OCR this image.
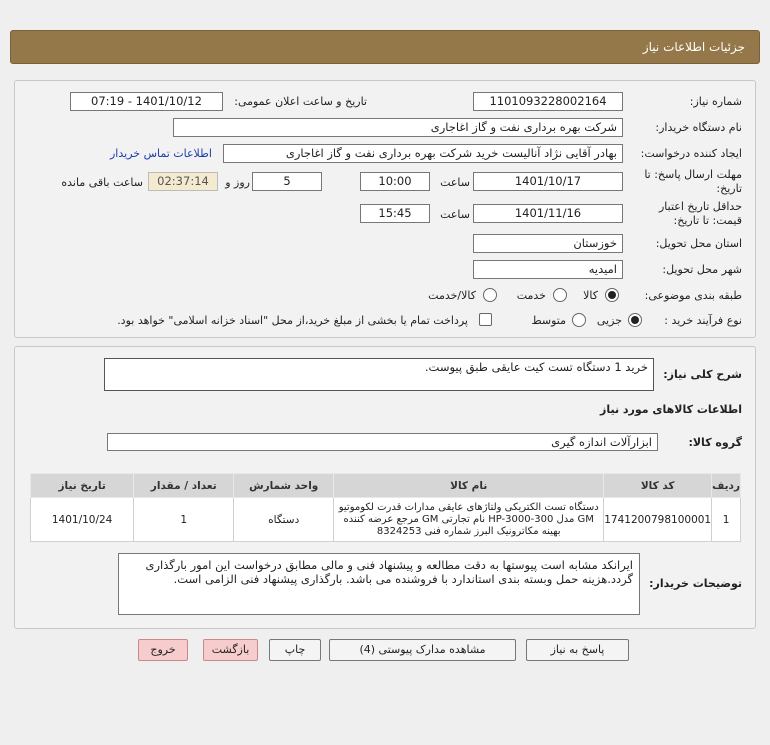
جزئیات اطلاعات نیاز
شماره نیاز:
1101093228002164
تاریخ و ساعت اعلان عمومی:
1401/10/12 - 07:19
نام دستگاه خریدار:
شرکت بهره برداری نفت و گاز اغاجاری
ایجاد کننده درخواست:
بهادر آقایی نژاد آنالیست خرید شرکت بهره برداری نفت و گاز اغاجاری
اطلاعات تماس خریدار
مهلت ارسال پاسخ: تا تاریخ:
1401/10/17
ساعت
10:00
5
روز و
02:37:14
ساعت باقی مانده
حداقل تاریخ اعتبار قیمت: تا تاریخ:
1401/11/16
ساعت
15:45
استان محل تحویل:
خوزستان
شهر محل تحویل:
امیدیه
طبقه بندی موضوعی:
کالا
خدمت
کالا/خدمت
نوع فرآیند خرید :
جزیی
متوسط
پرداخت تمام یا بخشی از مبلغ خرید،از محل "اسناد خزانه اسلامی" خواهد بود.
شرح کلی نیاز:
خرید 1 دستگاه تست کیت عایقی طبق پیوست.
اطلاعات کالاهای مورد نیاز
گروه کالا:
ابزارآلات اندازه گیری
ردیف	کد کالا	نام کالا	واحد شمارش	تعداد / مقدار	تاریخ نیاز
1	1741200798100001	دستگاه تست الکتریکی ولتاژهای عایقی مدارات قدرت لکوموتیو GM مدل HP-3000-300 نام تجارتی GM مرجع عرضه کننده بهینه مکاترونیک البرز شماره فنی 8324253	دستگاه	1	1401/10/24
توضیحات خریدار:
ایرانکد مشابه است پیوستها به دقت مطالعه و پیشنهاد فنی و مالی مطابق درخواست این امور بارگذاری گردد.هزینه حمل وبسته بندی استاندارد با فروشنده می باشد. بارگذاری پیشنهاد فنی الزامی است.
پاسخ به نیاز
مشاهده مدارک پیوستی (4)
چاپ
بازگشت
خروج
